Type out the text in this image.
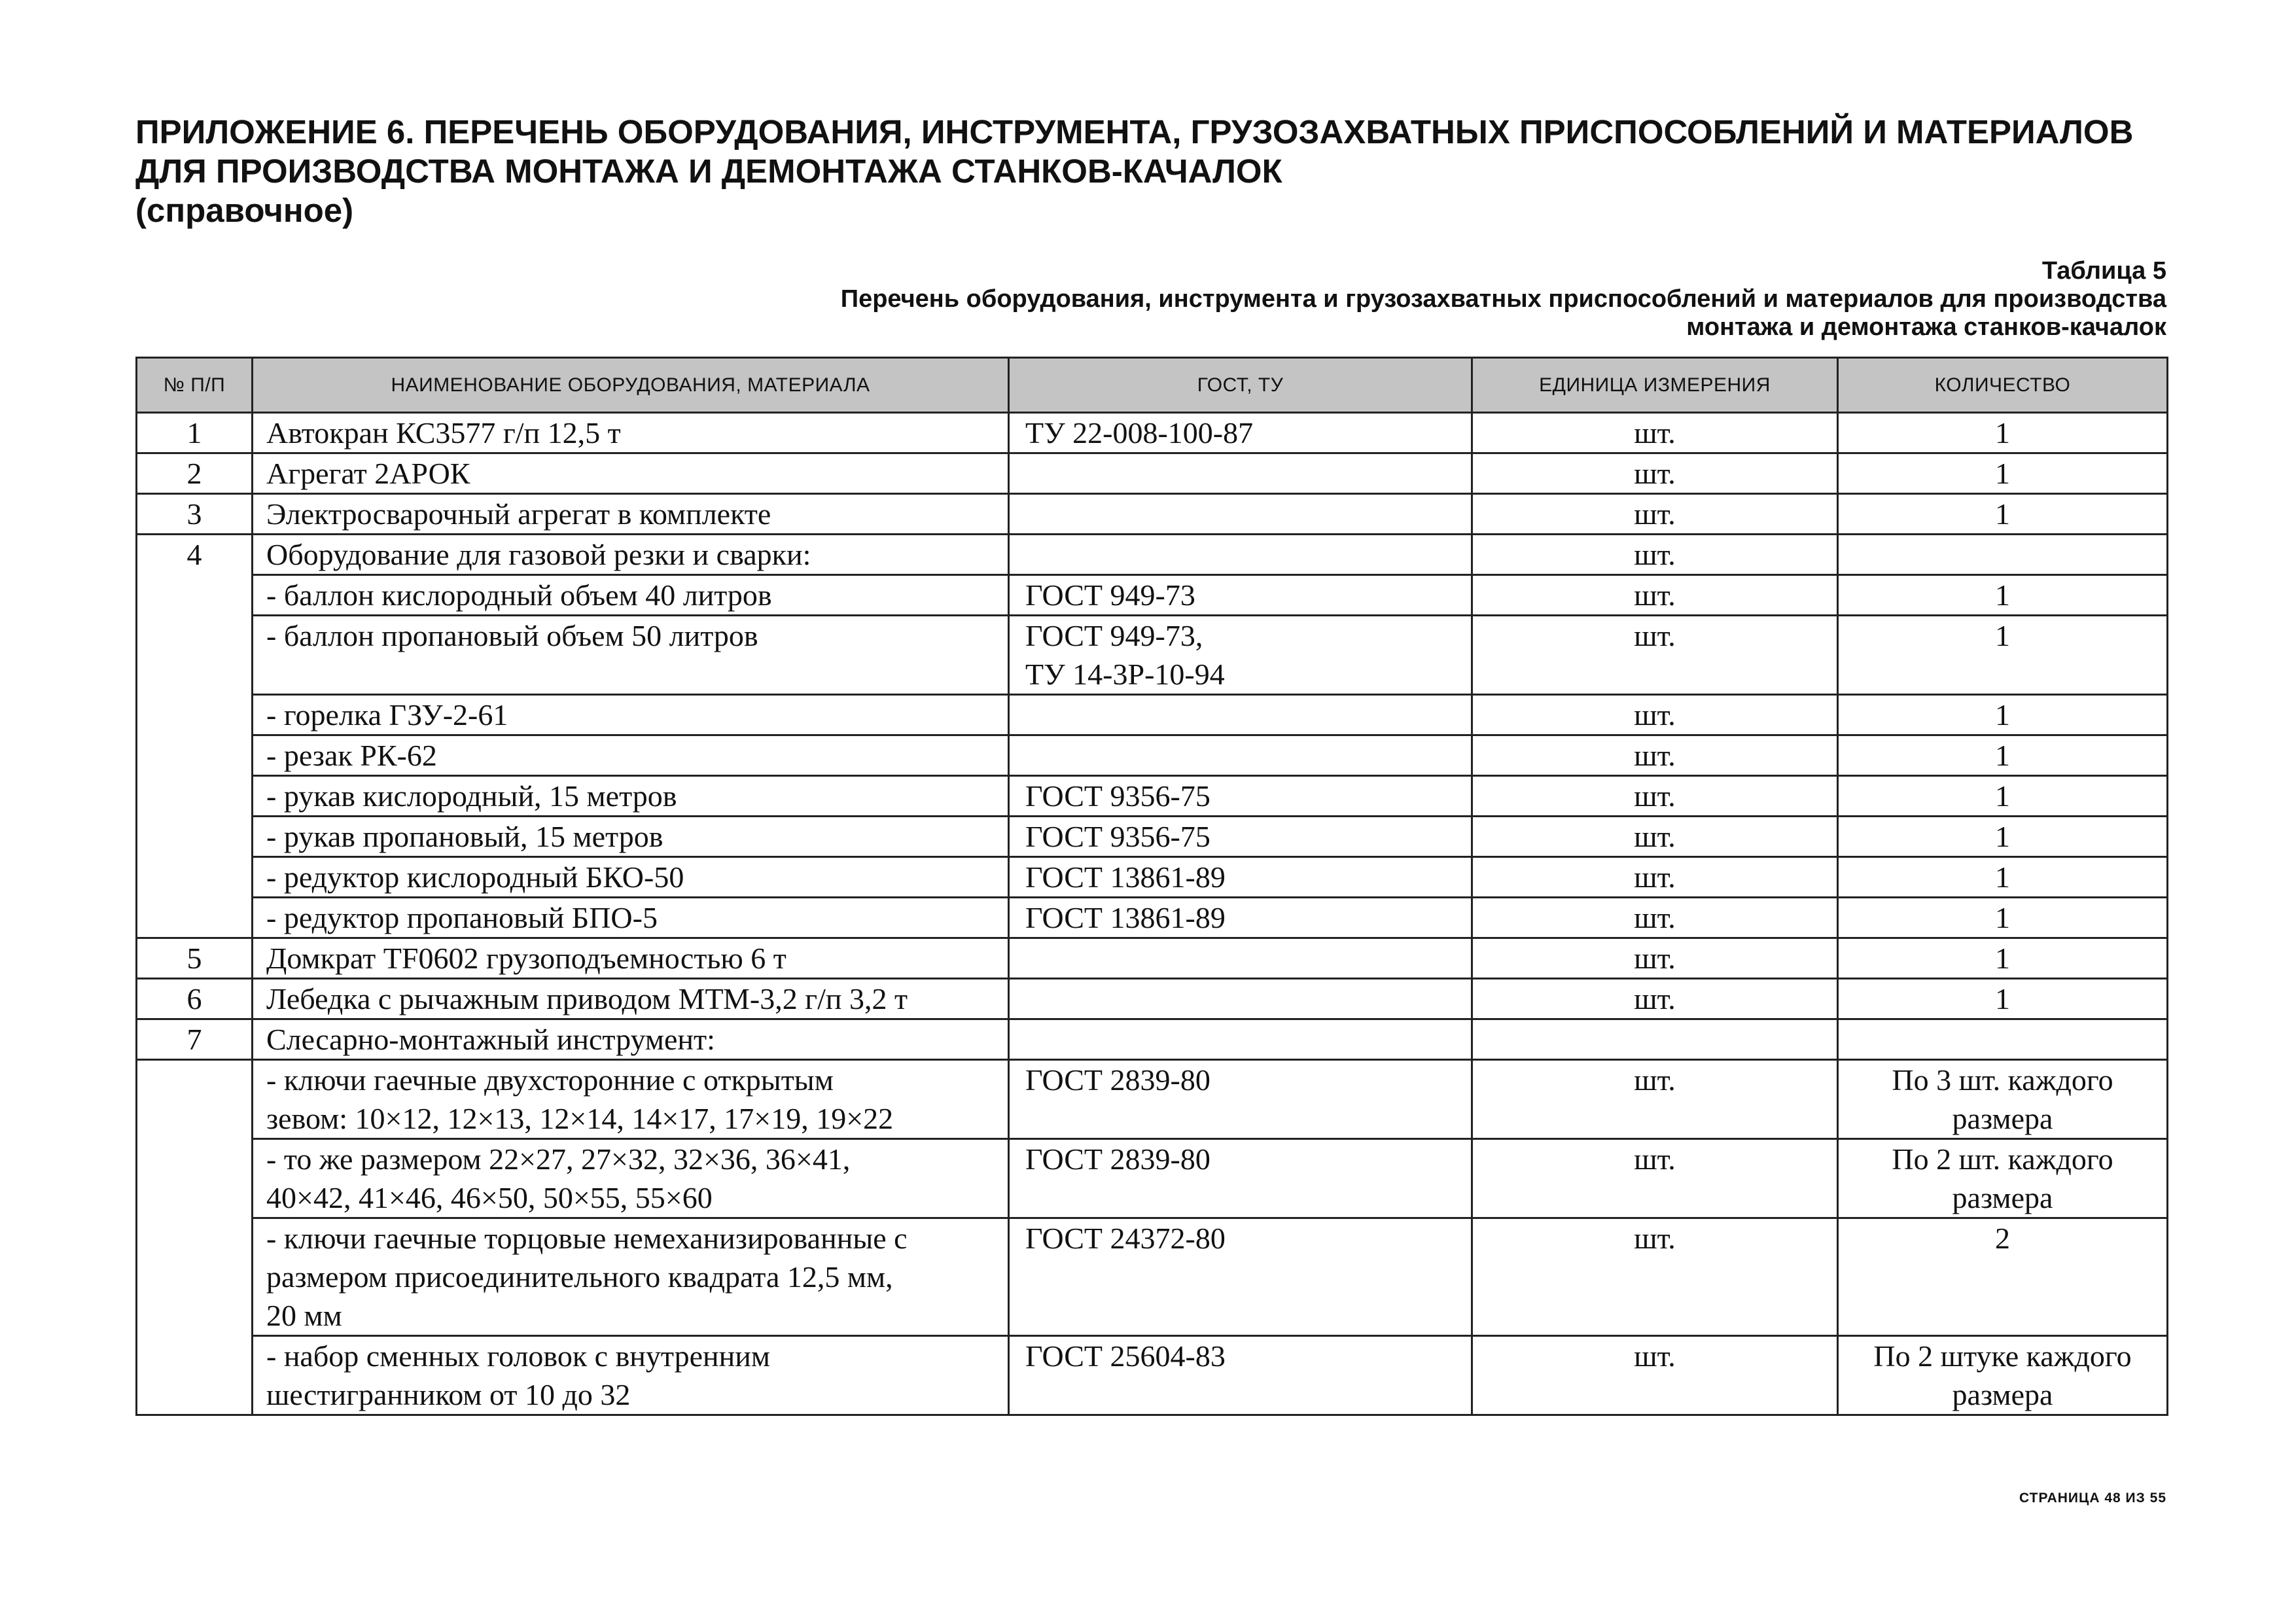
ПРИЛОЖЕНИЕ 6. ПЕРЕЧЕНЬ ОБОРУДОВАНИЯ, ИНСТРУМЕНТА, ГРУЗОЗАХВАТНЫХ ПРИСПОСОБЛЕНИЙ И МАТЕРИАЛОВ
ДЛЯ ПРОИЗВОДСТВА МОНТАЖА И ДЕМОНТАЖА СТАНКОВ-КАЧАЛОК
(справочное)
Таблица 5
Перечень оборудования, инструмента и грузозахватных приспособлений и материалов для производства
монтажа и демонтажа станков-качалок
№ П/П	НАИМЕНОВАНИЕ ОБОРУДОВАНИЯ, МАТЕРИАЛА	ГОСТ, ТУ	ЕДИНИЦА ИЗМЕРЕНИЯ	КОЛИЧЕСТВО
1	Автокран КС3577 г/п 12,5 т	ТУ 22-008-100-87	шт.	1
2	Агрегат 2АРОК		шт.	1
3	Электросварочный агрегат в комплекте		шт.	1
4	Оборудование для газовой резки и сварки:		шт.	
	- баллон кислородный объем 40 литров	ГОСТ 949-73	шт.	1
	- баллон пропановый объем 50 литров	ГОСТ 949-73,
ТУ 14-3Р-10-94	шт.	1
	- горелка ГЗУ-2-61		шт.	1
	- резак РК-62		шт.	1
	- рукав кислородный, 15 метров	ГОСТ 9356-75	шт.	1
	- рукав пропановый, 15 метров	ГОСТ 9356-75	шт.	1
	- редуктор кислородный БКО-50	ГОСТ 13861-89	шт.	1
	- редуктор пропановый БПО-5	ГОСТ 13861-89	шт.	1
5	Домкрат TF0602 грузоподъемностью 6 т		шт.	1
6	Лебедка с рычажным приводом МТМ-3,2 г/п 3,2 т		шт.	1
7	Слесарно-монтажный инструмент:			

	- ключи гаечные двухсторонние с открытым
зевом: 10×12, 12×13, 12×14, 14×17, 17×19, 19×22	ГОСТ 2839-80	шт.	По 3 шт. каждого
размера

	- то же размером 22×27, 27×32, 32×36, 36×41,
40×42, 41×46, 46×50, 50×55, 55×60	ГОСТ 2839-80	шт.	По 2 шт. каждого
размера

	- ключи гаечные торцовые немеханизированные с
размером присоединительного квадрата 12,5 мм,
20 мм	ГОСТ 24372-80	шт.	2

	- набор сменных головок с внутренним
шестигранником от 10 до 32	ГОСТ 25604-83	шт.	По 2 штуке каждого
размера
СТРАНИЦА 48 ИЗ 55
